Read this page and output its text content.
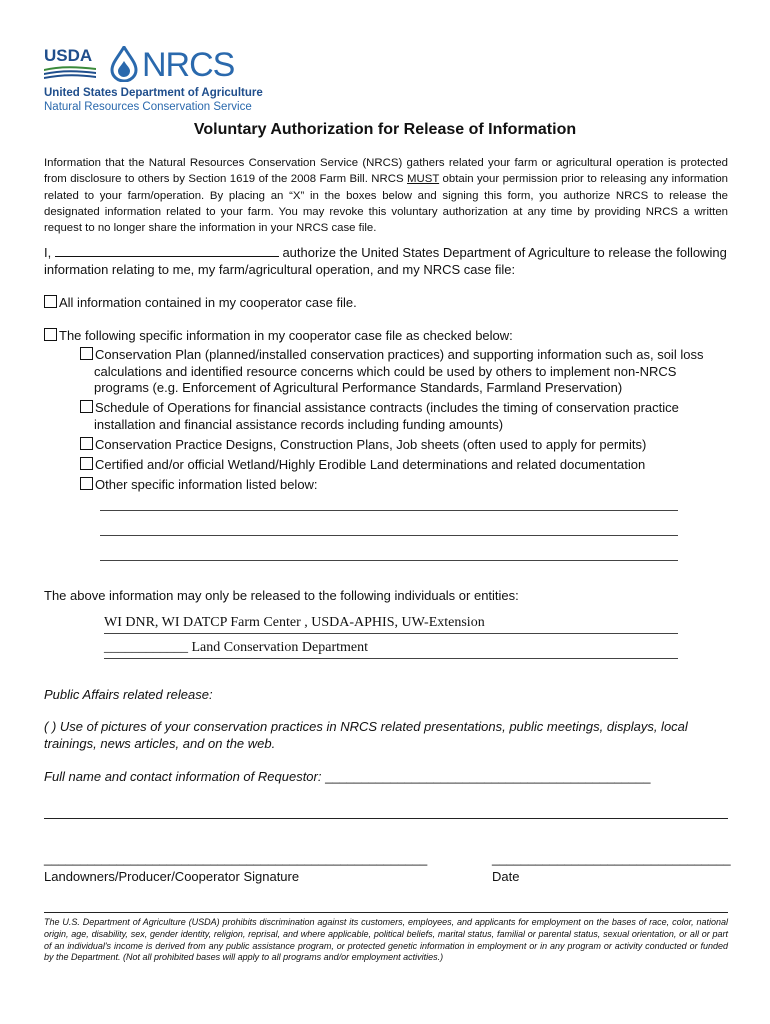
USDA NRCS
United States Department of Agriculture
Natural Resources Conservation Service
Voluntary Authorization for Release of Information
Information that the Natural Resources Conservation Service (NRCS) gathers related your farm or agricultural operation is protected from disclosure to others by Section 1619 of the 2008 Farm Bill. NRCS MUST obtain your permission prior to releasing any information related to your farm/operation. By placing an “X” in the boxes below and signing this form, you authorize NRCS to release the designated information related to your farm. You may revoke this voluntary authorization at any time by providing NRCS a written request to no longer share the information in your NRCS case file.
I,	authorize the United States Department of Agriculture to release the following information relating to me, my farm/agricultural operation, and my NRCS case file:
All information contained in my cooperator case file.
The following specific information in my cooperator case file as checked below:
Conservation Plan (planned/installed conservation practices) and supporting information such as, soil loss calculations and identified resource concerns which could be used by others to implement non-NRCS programs (e.g. Enforcement of Agricultural Performance Standards, Farmland Preservation)
Schedule of Operations for financial assistance contracts (includes the timing of conservation practice installation and financial assistance records including funding amounts)
Conservation Practice Designs, Construction Plans, Job sheets (often used to apply for permits)
Certified and/or official Wetland/Highly Erodible Land determinations and related documentation
Other specific information listed below:
The above information may only be released to the following individuals or entities:
WI DNR, WI DATCP Farm Center , USDA-APHIS, UW-Extension
____________ Land Conservation Department
Public Affairs related release:
( ) Use of pictures of your conservation practices in NRCS related presentations, public meetings, displays, local trainings, news articles, and on the web.
Full name and contact information of Requestor: _____________________________________________
_____________________________________________________
Landowners/Producer/Cooperator Signature
_________________________________
Date
The U.S. Department of Agriculture (USDA) prohibits discrimination against its customers, employees, and applicants for employment on the bases of race, color, national origin, age, disability, sex, gender identity, religion, reprisal, and where applicable, political beliefs, marital status, familial or parental status, sexual orientation, or all or part of an individual's income is derived from any public assistance program, or protected genetic information in employment or in any program or activity conducted or funded by the Department. (Not all prohibited bases will apply to all programs and/or employment activities.)
